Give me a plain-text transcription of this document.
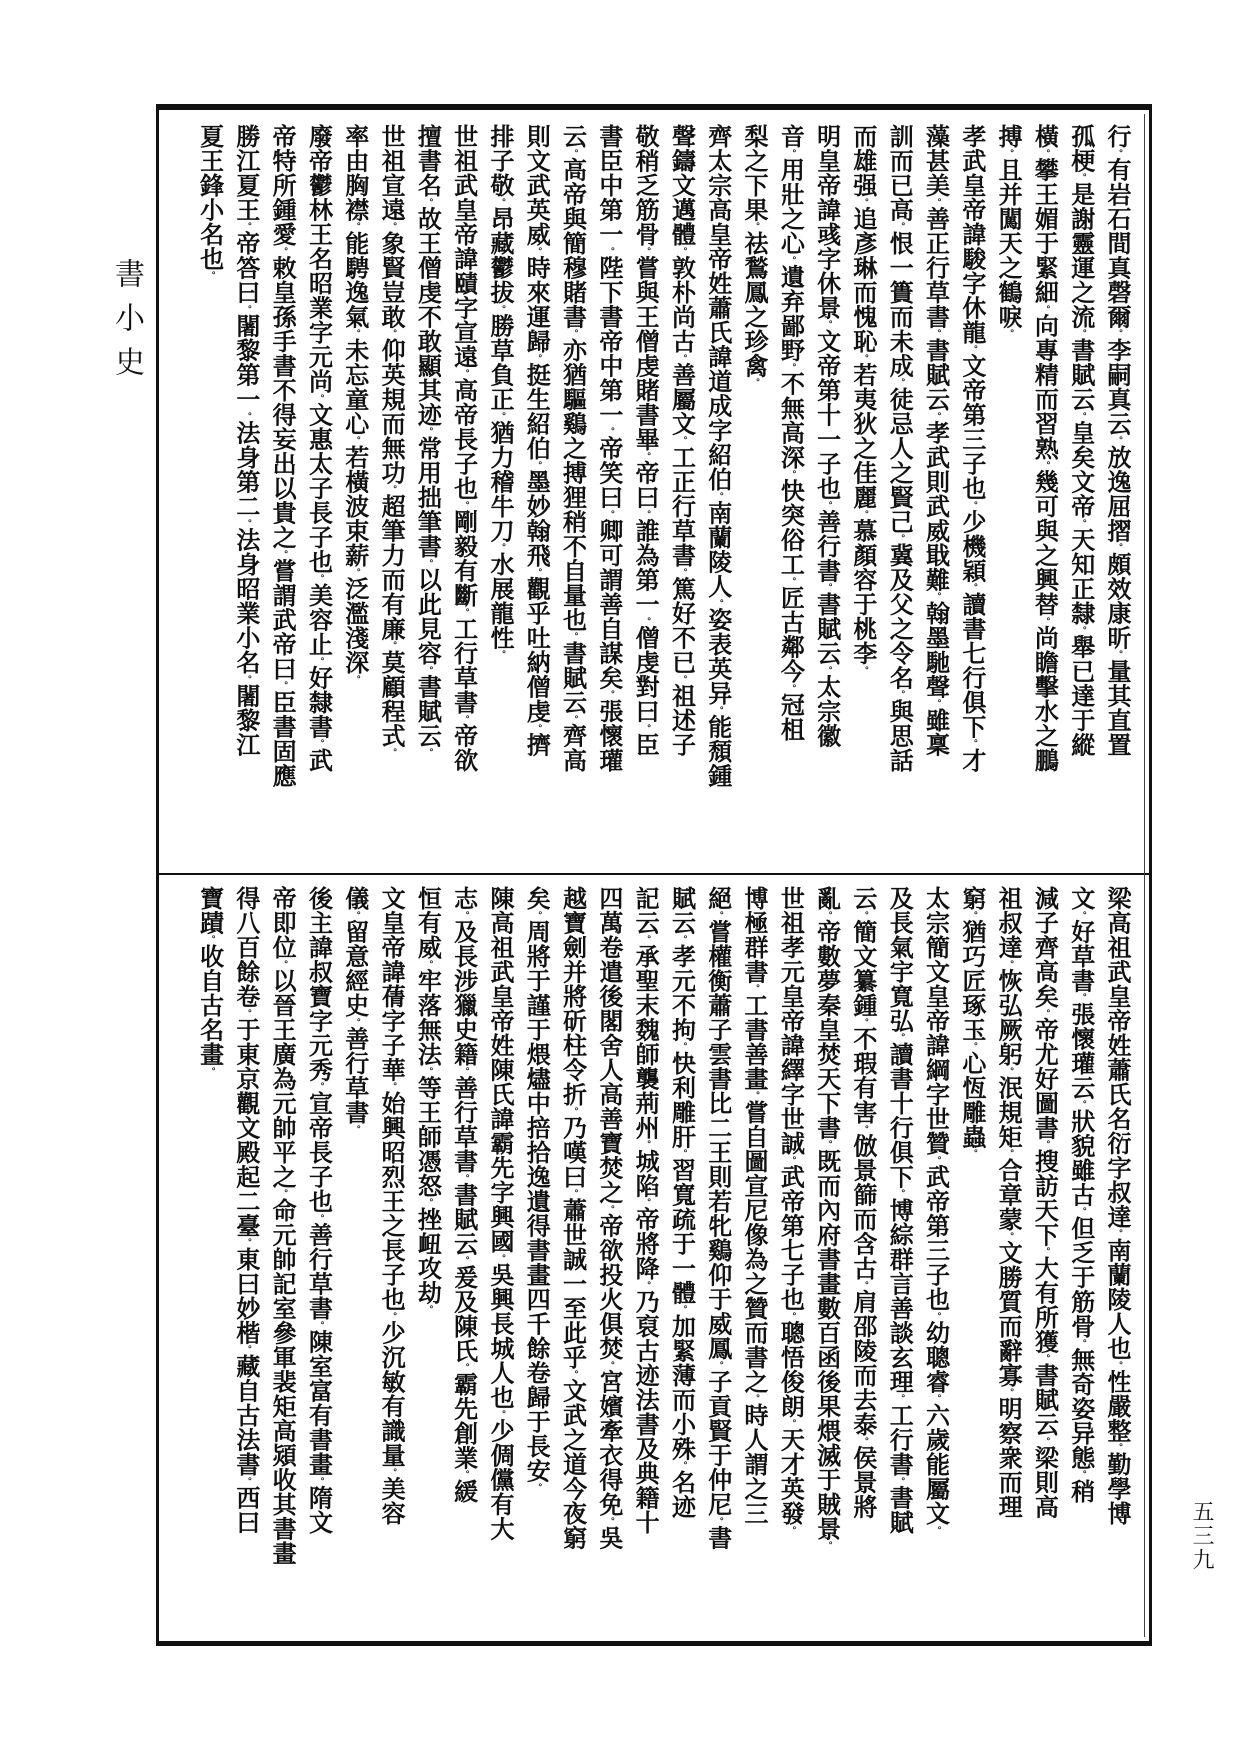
書小史
五三九
行。有岩石間真磬爾。李嗣真云。放逸屈摺。頗效康昕。量其直置
孤梗。是謝靈運之流。書賦云。皇矣文帝。天知正隸。舉已達于縱
橫。攀王媚于緊細。向專精而習熟。幾可與之興替。尚瞻擊水之鵬
搏。且并闖天之鶴唳。
孝武皇帝諱駿字休龍。文帝第三子也。少機穎。讀書七行俱下。才
藻甚美。善正行草書。書賦云。孝武則武威戢難。翰墨馳聲。雖稟
訓而已高。恨一簣而未成。徒忌人之賢己。冀及父之令名。與思話
而雄强。追彥琳而愧恥。若夷狄之佳麗。慕顏容于桃李。
明皇帝諱彧字休景。文帝第十一子也。善行書。書賦云。太宗徽
音。用壯之心。遺弃鄙野。不無高深。快突俗工。匠古鄰今。冠柤
梨之下果。祛鶖鳳之珍禽。
齊太宗高皇帝姓蕭氏諱道成字紹伯。南蘭陵人。姿表英异。能頹鍾
聲鑄文邁體。敦朴尚古。善屬文。工正行草書。篤好不已。祖述子
敬稍乏筋骨。嘗與王僧虔賭書畢。帝曰。誰為第一。僧虔對曰。臣
書臣中第一。陛下書帝中第一。帝笑曰。卿可謂善自謀矣。張懷瓘
云。高帝與簡穆賭書。亦猶驅鷄之搏狸稍不自量也。書賦云。齊高
則文武英威。時來運歸。挺生紹伯。墨妙翰飛。觀乎吐納僧虔。擠
排子敬。昂藏鬱拔。勝草負正。猶力稽牛刀。水展龍性。
世祖武皇帝諱賾字宣遠。高帝長子也。剛毅有斷。工行草書。帝欲
擅書名。故王僧虔不敢顯其迹。常用拙筆書。以此見容。書賦云。
世祖宣遠。象賢豈敢。仰英規而無功。超筆力而有廉。莫顧程式。
率由胸襟。能騁逸氣。未忘童心。若橫波束薪。泛濫淺深。
廢帝鬱林王名昭業字元尚。文惠太子長子也。美容止。好隸書。武
帝特所鍾愛。敕皇孫手書不得妄出以貴之。嘗謂武帝曰。臣書固應
勝江夏王。帝答曰。闍黎第一。法身第二。法身昭業小名。闍黎江
夏王鋒小名也。
梁高祖武皇帝姓蕭氏名衍字叔達。南蘭陵人也。性嚴整。勤學博
文。好草書。張懷瓘云。狀貌雖古。但乏于筋骨。無奇姿异態。稍
減子齊高矣。帝尤好圖書。搜訪天下。大有所獲。書賦云。梁則高
祖叔達。恢弘厥躬。泯規矩。合章蒙。文勝質而辭寡。明察衆而理
窮。猶巧匠琢玉。心恆雕蟲。
太宗簡文皇帝諱綱字世贊。武帝第三子也。幼聰睿。六歲能屬文。
及長氣宇寬弘。讀書十行俱下。博綜群言善談玄理。工行書。書賦
云。簡文纂鍾。不瑕有害。倣景篩而含古。肩邵陵而去泰。侯景將
亂。帝數夢秦皇焚天下書。既而內府書畫數百函後果煨滅于賊景。
世祖孝元皇帝諱繹字世誠。武帝第七子也。聰悟俊朗。天才英發。
博極群書。工書善畫。嘗自圖宣尼像為之贊而書之。時人謂之三
絕。嘗權衡蕭子雲書比二王則若牝鷄仰于威鳳。子貢賢于仲尼。書
賦云。孝元不拘。快利雕肝。習寬疏于一體。加緊薄而小殊。名迹
記云。承聖末魏師襲荊州。城陷。帝將降。乃裒古迹法書及典籍十
四萬卷遣後閣舍人高善寶焚之。帝欲投火俱焚。宮嬪牽衣得免。吳
越寶劍并將斫柱令折。乃嘆曰。蕭世誠一至此乎。文武之道今夜窮
矣。周將于謹于煨燼中掊拾逸遺得書畫四千餘卷歸于長安。
陳高祖武皇帝姓陳氏諱霸先字興國。吳興長城人也。少倜儻有大
志。及長涉獵史籍。善行草書。書賦云。爰及陳氏。霸先創業。緩
恒有威。牢落無法。等王師憑怒。挫衄攻劫。
文皇帝諱蒨字子華。始興昭烈王之長子也。少沉敏有識量。美容
儀。留意經史。善行草書。
後主諱叔寶字元秀。宣帝長子也。善行草書。陳室富有書畫。隋文
帝即位。以晉王廣為元帥平之。命元帥記室參軍裴矩高熲收其書畫
得八百餘卷。于東京觀文殿起二臺。東曰妙楷。藏自古法書。西曰
寶蹟。收自古名畫。
